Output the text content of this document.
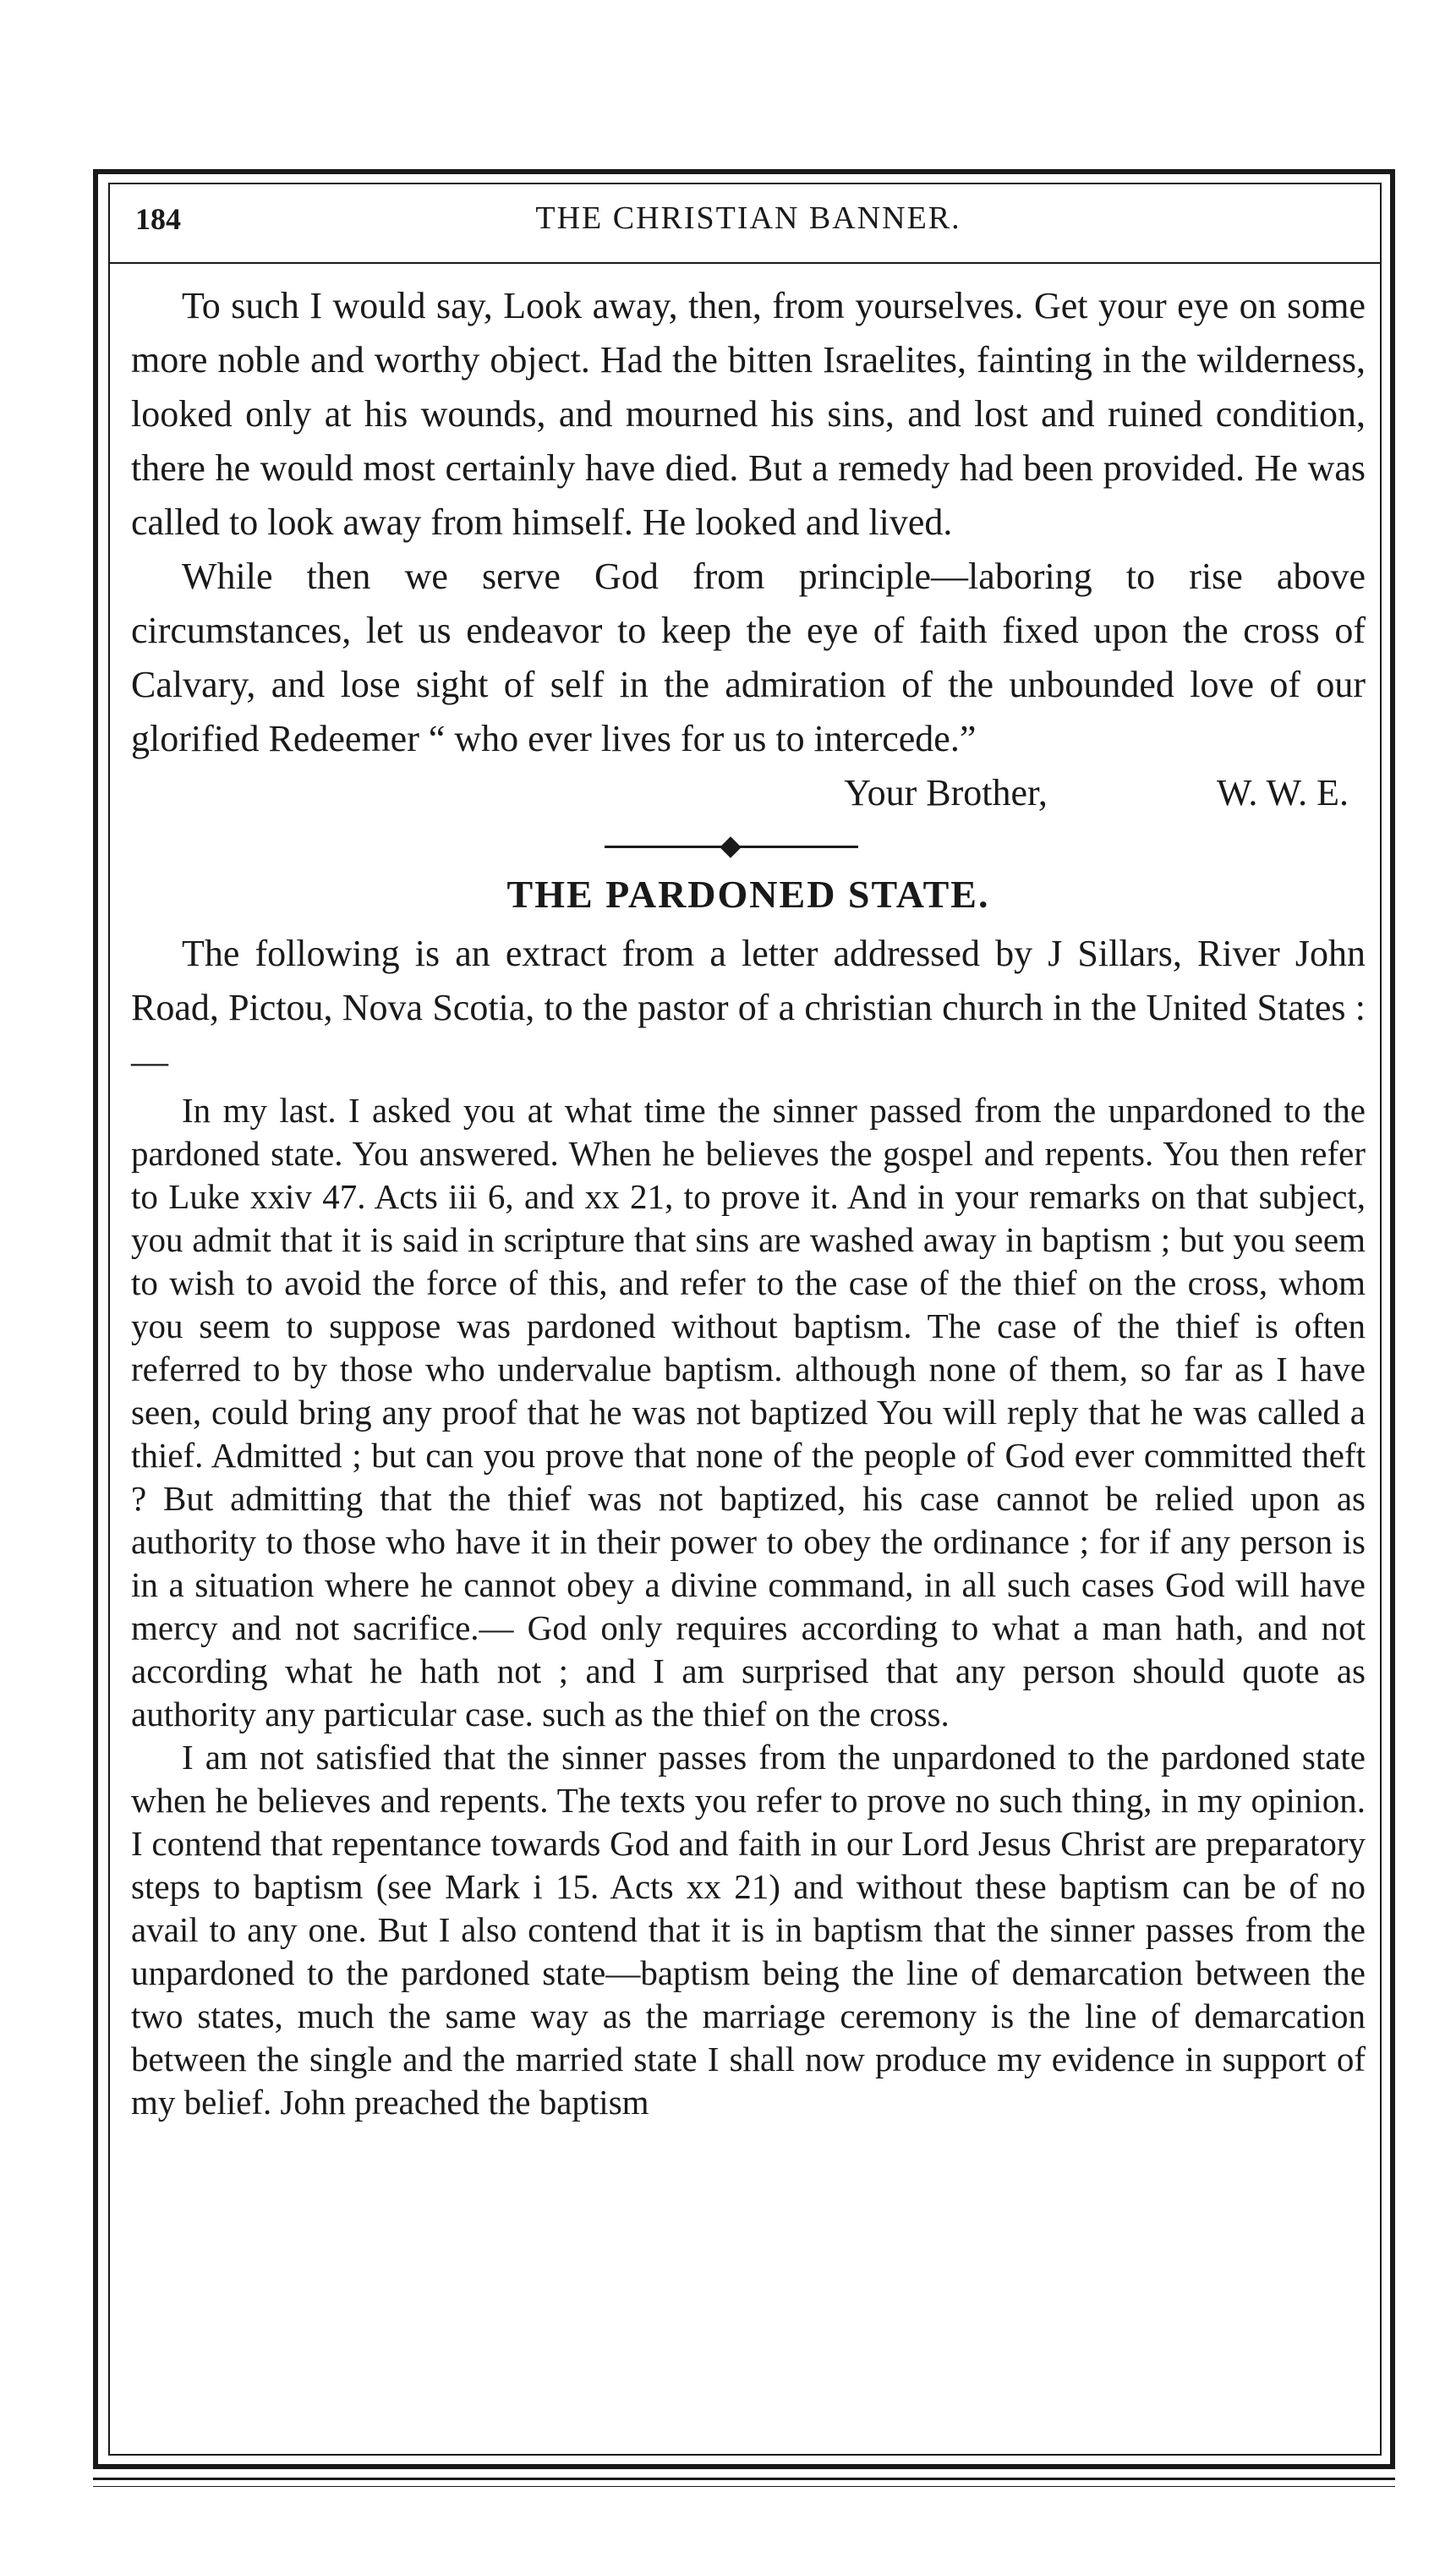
184	THE CHRISTIAN BANNER.

To such I would say, Look away, then, from yourselves. Get your eye on some more noble and worthy object. Had the bitten Israelites, fainting in the wilderness, looked only at his wounds, and mourned his sins, and lost and ruined condition, there he would most certainly have died. But a remedy had been provided. He was called to look away from himself. He looked and lived.

While then we serve God from principle—laboring to rise above circumstances, let us endeavor to keep the eye of faith fixed upon the cross of Calvary, and lose sight of self in the admiration of the unbounded love of our glorified Redeemer “ who ever lives for us to intercede.”

Your Brother,	W. W. E.
THE PARDONED STATE.

The following is an extract from a letter addressed by J Sillars, River John Road, Pictou, Nova Scotia, to the pastor of a christian church in the United States :—

In my last. I asked you at what time the sinner passed from the unpardoned to the pardoned state. You answered. When he believes the gospel and repents. You then refer to Luke xxiv 47. Acts iii 6, and xx 21, to prove it. And in your remarks on that subject, you admit that it is said in scripture that sins are washed away in baptism ; but you seem to wish to avoid the force of this, and refer to the case of the thief on the cross, whom you seem to suppose was pardoned without baptism. The case of the thief is often referred to by those who undervalue baptism. although none of them, so far as I have seen, could bring any proof that he was not baptized You will reply that he was called a thief. Admitted ; but can you prove that none of the people of God ever committed theft ? But admitting that the thief was not baptized, his case cannot be relied upon as authority to those who have it in their power to obey the ordinance ; for if any person is in a situation where he cannot obey a divine command, in all such cases God will have mercy and not sacrifice.— God only requires according to what a man hath, and not according what he hath not ; and I am surprised that any person should quote as authority any particular case. such as the thief on the cross.

I am not satisfied that the sinner passes from the unpardoned to the pardoned state when he believes and repents. The texts you refer to prove no such thing, in my opinion. I contend that repentance towards God and faith in our Lord Jesus Christ are preparatory steps to baptism (see Mark i 15. Acts xx 21) and without these baptism can be of no avail to any one. But I also contend that it is in baptism that the sinner passes from the unpardoned to the pardoned state—baptism being the line of demarcation between the two states, much the same way as the marriage ceremony is the line of demarcation between the single and the married state I shall now produce my evidence in support of my belief. John preached the baptism
